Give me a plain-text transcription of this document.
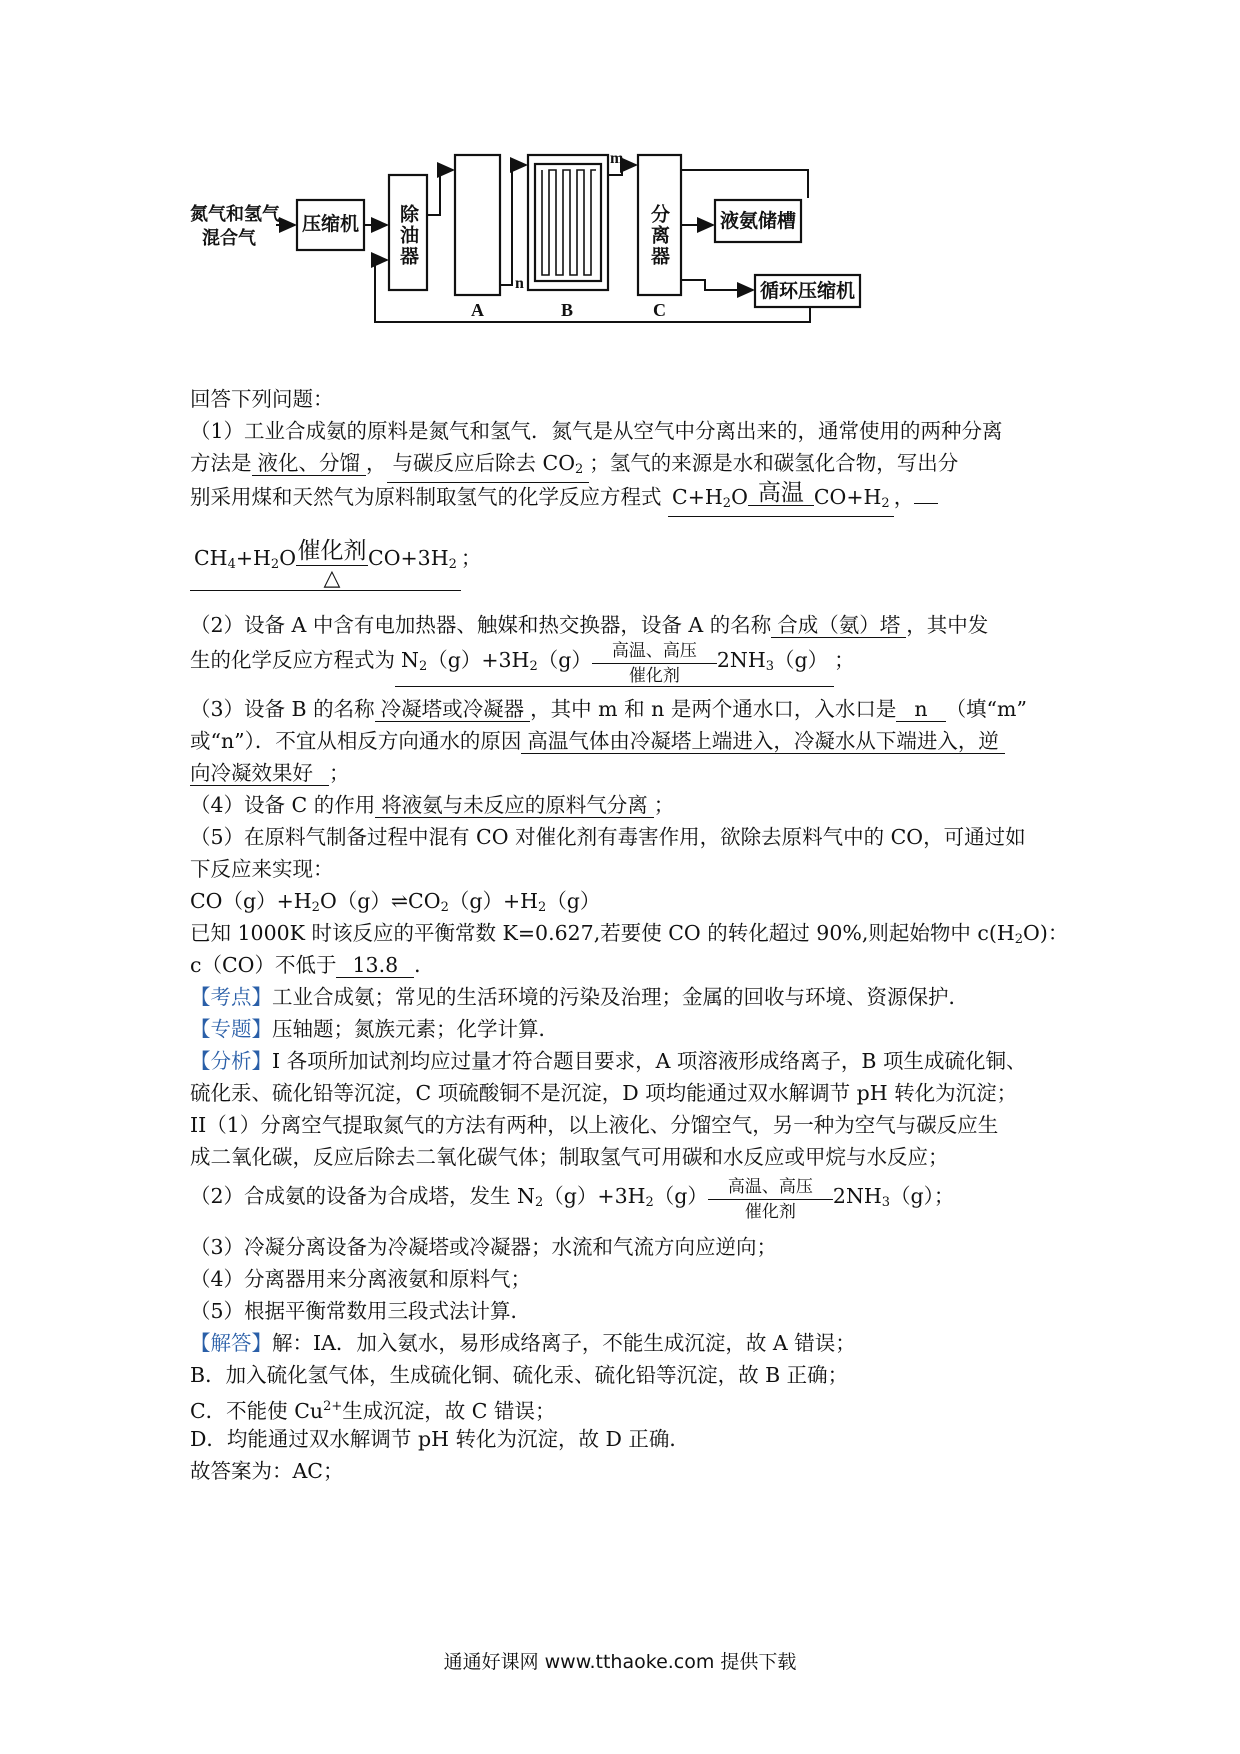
氮气和氢气
混合气
压缩机 除油器	分离器	液氨储槽
循环压缩机
A	B	C
m
n
回答下列问题：
（1）工业合成氨的原料是氮气和氢气．氮气是从空气中分离出来的，通常使用的两种分离
方法是 液化、分馏 ， 与碳反应后除去 $CO_2$ ；氢气的来源是水和碳氢化合物，写出分
别采用煤和天然气为原料制取氢气的化学反应方程式 $C+H_2O$ 高温 $CO+H_2$ ，
$CH_4+H_2O$ 催化剂
△
$CO+3H_2$ ；
（2）设备 A 中含有电加热器、触媒和热交换器，设备 A 的名称 合成（氨）塔 ，其中发
生的化学反应方程式为 $N_2(g)+3H_2(g)$	高温、高压
催化剂
$2NH_3(g)$ ；
（3）设备 B 的名称 冷凝塔或冷凝器 ，其中 m 和 n 是两个通水口，入水口是 n （填“m”
或“n”）．不宜从相反方向通水的原因 高温气体由冷凝塔上端进入，冷凝水从下端进入，逆
向冷凝效果好 ；
（4）设备 C 的作用 将液氨与未反应的原料气分离 ；
（5）在原料气制备过程中混有 CO 对催化剂有毒害作用，欲除去原料气中的 CO，可通过如
下反应来实现：
$CO(g)+H_2O(g)\rightleftharpoons CO_2(g)+H_2(g)$
已知 1000K 时该反应的平衡常数 K=0.627,若要使 CO 的转化超过 90%,则起始物中 $c(H_2O)$：
c（CO）不低于 13.8 ．
【考点】工业合成氨；常见的生活环境的污染及治理；金属的回收与环境、资源保护．
【专题】压轴题；氮族元素；化学计算．
【分析】I 各项所加试剂均应过量才符合题目要求，A 项溶液形成络离子，B 项生成硫化铜、
硫化汞、硫化铅等沉淀，C 项硫酸铜不是沉淀，D 项均能通过双水解调节 pH 转化为沉淀；
II（1）分离空气提取氮气的方法有两种，以上液化、分馏空气，另一种为空气与碳反应生
成二氧化碳，反应后除去二氧化碳气体；制取氢气可用碳和水反应或甲烷与水反应；
（2）合成氨的设备为合成塔，发生 $N_2(g)+3H_2(g)$	高温、高压
催化剂
$2NH_3(g)$；
（3）冷凝分离设备为冷凝塔或冷凝器；水流和气流方向应逆向；
（4）分离器用来分离液氨和原料气；
（5）根据平衡常数用三段式法计算．
【解答】解：ⅠA．加入氨水，易形成络离子，不能生成沉淀，故 A 错误；
B．加入硫化氢气体，生成硫化铜、硫化汞、硫化铅等沉淀，故 B 正确；
C．不能使 $Cu^{2+}$生成沉淀，故 C 错误；
D．均能通过双水解调节 pH 转化为沉淀，故 D 正确．
故答案为：AC；
通通好课网 www.tthaoke.com 提供下载
